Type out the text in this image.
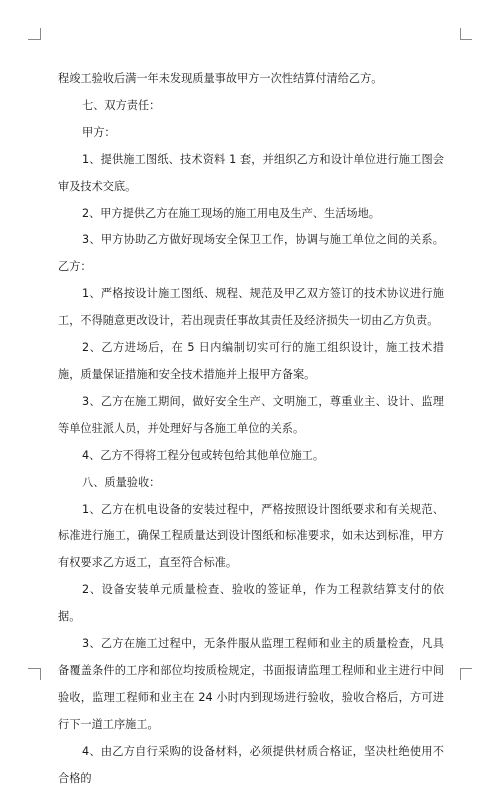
程竣工验收后满一年未发现质量事故甲方一次性结算付清给乙方。

七、双方责任：

甲方：

1、提供施工图纸、技术资料 1 套，并组织乙方和设计单位进行施工图会审及技术交底。

2、甲方提供乙方在施工现场的施工用电及生产、生活场地。

3、甲方协助乙方做好现场安全保卫工作，协调与施工单位之间的关系。 乙方：

1、严格按设计施工图纸、规程、规范及甲乙双方签订的技术协议进行施工，不得随意更改设计，若出现责任事故其责任及经济损失一切由乙方负责。

2、乙方进场后，在 5 日内编制切实可行的施工组织设计，施工技术措施，质量保证措施和安全技术措施并上报甲方备案。

3、乙方在施工期间，做好安全生产、文明施工，尊重业主、设计、监理等单位驻派人员，并处理好与各施工单位的关系。

4、乙方不得将工程分包或转包给其他单位施工。

八、质量验收：

1、乙方在机电设备的安装过程中，严格按照设计图纸要求和有关规范、标准进行施工，确保工程质量达到设计图纸和标准要求，如未达到标准，甲方有权要求乙方返工，直至符合标准。

2、设备安装单元质量检查、验收的签证单，作为工程款结算支付的依据。

3、乙方在施工过程中，无条件服从监理工程师和业主的质量检查，凡具备覆盖条件的工序和部位均按质检规定，书面报请监理工程师和业主进行中间验收，监理工程师和业主在 24 小时内到现场进行验收，验收合格后，方可进行下一道工序施工。

4、由乙方自行采购的设备材料，必须提供材质合格证，坚决杜绝使用不合格的
